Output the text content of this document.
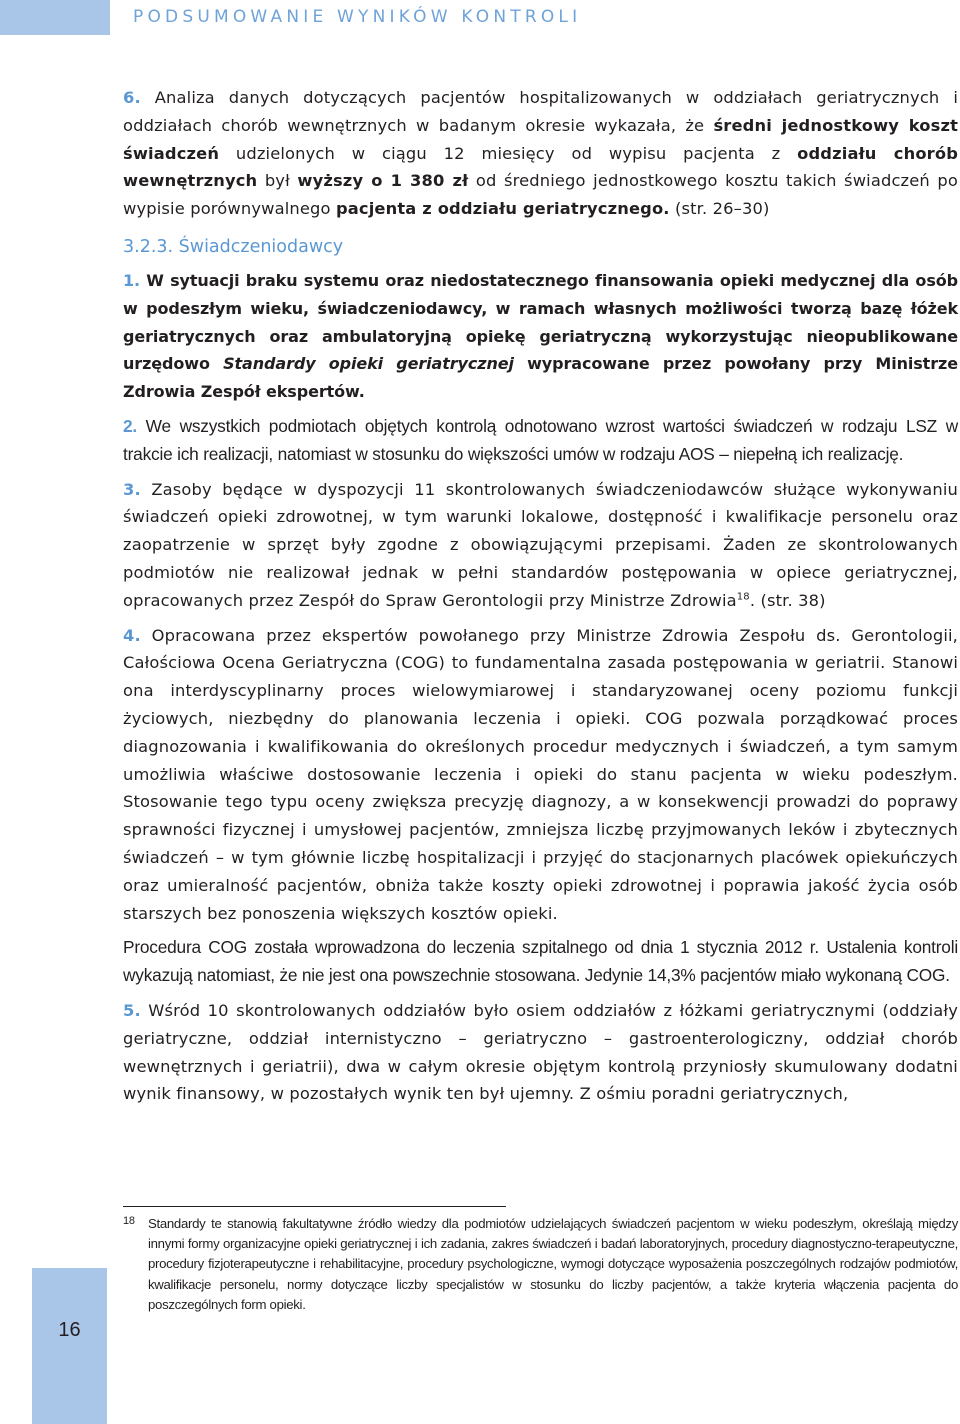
PODSUMOWANIE WYNIKÓW KONTROLI

6. Analiza danych dotyczących pacjentów hospitalizowanych w oddziałach geriatrycznych i oddziałach chorób wewnętrznych w badanym okresie wykazała, że średni jednostkowy koszt świadczeń udzielonych w ciągu 12 miesięcy od wypisu pacjenta z oddziału chorób wewnętrznych był wyższy o 1 380 zł od średniego jednostkowego kosztu takich świadczeń po wypisie porównywalnego pacjenta z oddziału geriatrycznego. (str. 26–30)

3.2.3. Świadczeniodawcy

1. W sytuacji braku systemu oraz niedostatecznego finansowania opieki medycznej dla osób w podeszłym wieku, świadczeniodawcy, w ramach własnych możliwości tworzą bazę łóżek geriatrycznych oraz ambulatoryjną opiekę geriatryczną wykorzystując nieopublikowane urzędowo Standardy opieki geriatrycznej wypracowane przez powołany przy Ministrze Zdrowia Zespół ekspertów.

2. We wszystkich podmiotach objętych kontrolą odnotowano wzrost wartości świadczeń w rodzaju LSZ w trakcie ich realizacji, natomiast w stosunku do większości umów w rodzaju AOS – niepełną ich realizację.

3. Zasoby będące w dyspozycji 11 skontrolowanych świadczeniodawców służące wykonywaniu świadczeń opieki zdrowotnej, w tym warunki lokalowe, dostępność i kwalifikacje personelu oraz zaopatrzenie w sprzęt były zgodne z obowiązującymi przepisami. Żaden ze skontrolowanych podmiotów nie realizował jednak w pełni standardów postępowania w opiece geriatrycznej, opracowanych przez Zespół do Spraw Gerontologii przy Ministrze Zdrowia$^{18}$. (str. 38)

4. Opracowana przez ekspertów powołanego przy Ministrze Zdrowia Zespołu ds. Gerontologii, Całościowa Ocena Geriatryczna (COG) to fundamentalna zasada postępowania w geriatrii. Stanowi ona interdyscyplinarny proces wielowymiarowej i standaryzowanej oceny poziomu funkcji życiowych, niezbędny do planowania leczenia i opieki. COG pozwala porządkować proces diagnozowania i kwalifikowania do określonych procedur medycznych i świadczeń, a tym samym umożliwia właściwe dostosowanie leczenia i opieki do stanu pacjenta w wieku podeszłym. Stosowanie tego typu oceny zwiększa precyzję diagnozy, a w konsekwencji prowadzi do poprawy sprawności fizycznej i umysłowej pacjentów, zmniejsza liczbę przyjmowanych leków i zbytecznych świadczeń – w tym głównie liczbę hospitalizacji i przyjęć do stacjonarnych placówek opiekuńczych oraz umieralność pacjentów, obniża także koszty opieki zdrowotnej i poprawia jakość życia osób starszych bez ponoszenia większych kosztów opieki.

Procedura COG została wprowadzona do leczenia szpitalnego od dnia 1 stycznia 2012 r. Ustalenia kontroli wykazują natomiast, że nie jest ona powszechnie stosowana. Jedynie 14,3% pacjentów miało wykonaną COG.

5. Wśród 10 skontrolowanych oddziałów było osiem oddziałów z łóżkami geriatrycznymi (oddziały geriatryczne, oddział internistyczno – geriatryczno – gastroenterologiczny, oddział chorób wewnętrznych i geriatrii), dwa w całym okresie objętym kontrolą przyniosły skumulowany dodatni wynik finansowy, w pozostałych wynik ten był ujemny. Z ośmiu poradni geriatrycznych,

18 Standardy te stanowią fakultatywne źródło wiedzy dla podmiotów udzielających świadczeń pacjentom w wieku podeszłym, określają między innymi formy organizacyjne opieki geriatrycznej i ich zadania, zakres świadczeń i badań laboratoryjnych, procedury diagnostyczno-terapeutyczne, procedury fizjoterapeutyczne i rehabilitacyjne, procedury psychologiczne, wymogi dotyczące wyposażenia poszczególnych rodzajów podmiotów, kwalifikacje personelu, normy dotyczące liczby specjalistów w stosunku do liczby pacjentów, a także kryteria włączenia pacjenta do poszczególnych form opieki.
16
